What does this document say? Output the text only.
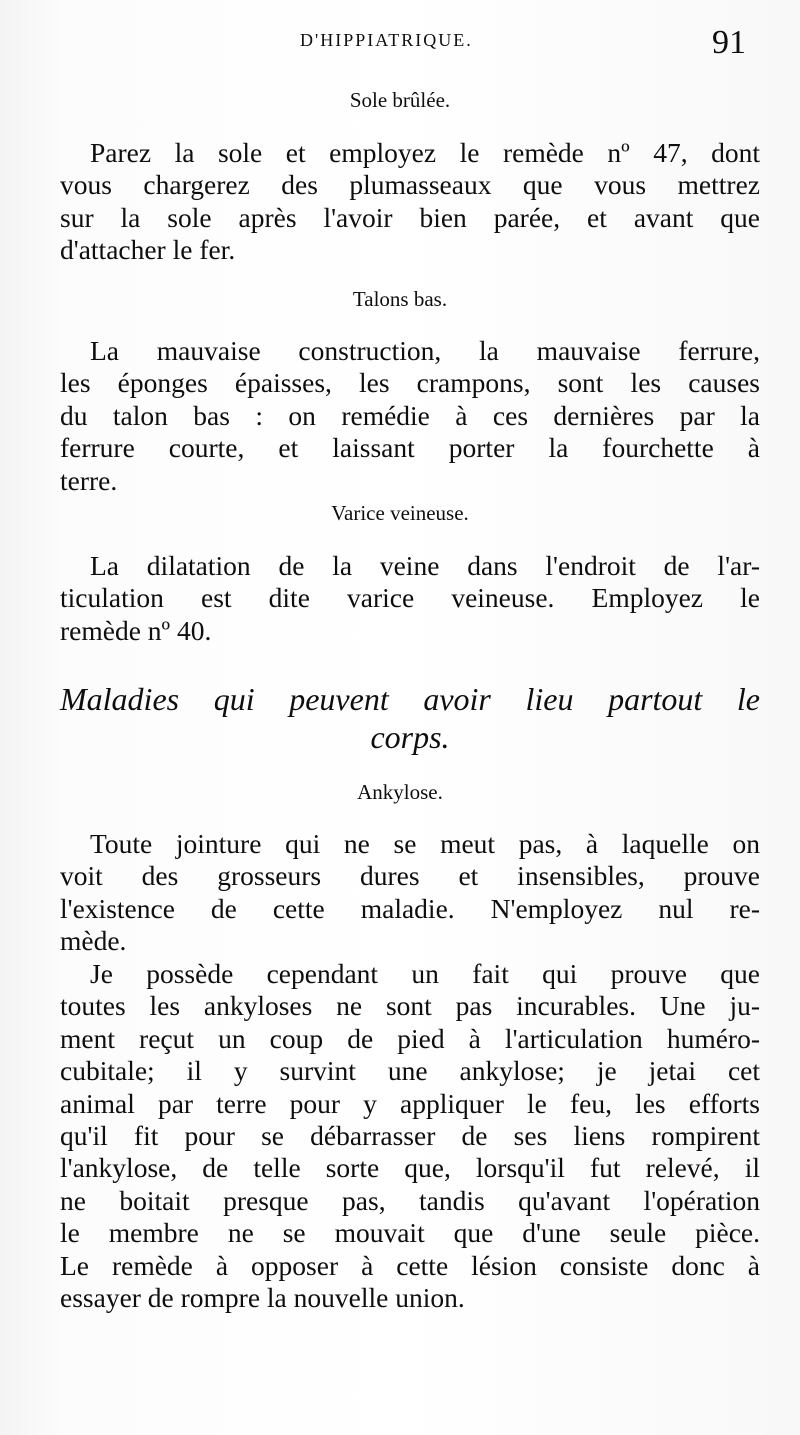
D'HIPPIATRIQUE.	91
Sole brûlée.
Parez la sole et employez le remède nº 47, dont
vous chargerez des plumasseaux que vous mettrez
sur la sole après l'avoir bien parée, et avant que
d'attacher le fer.
Talons bas.
La mauvaise construction, la mauvaise ferrure,
les éponges épaisses, les crampons, sont les causes
du talon bas : on remédie à ces dernières par la
ferrure courte, et laissant porter la fourchette à
terre.
Varice veineuse.
La dilatation de la veine dans l'endroit de l'ar-
ticulation est dite varice veineuse. Employez le
remède nº 40.
Maladies qui peuvent avoir lieu partout le
corps.
Ankylose.
Toute jointure qui ne se meut pas, à laquelle on
voit des grosseurs dures et insensibles, prouve
l'existence de cette maladie. N'employez nul re-
mède.
Je possède cependant un fait qui prouve que
toutes les ankyloses ne sont pas incurables. Une ju-
ment reçut un coup de pied à l'articulation huméro-
cubitale; il y survint une ankylose; je jetai cet
animal par terre pour y appliquer le feu, les efforts
qu'il fit pour se débarrasser de ses liens rompirent
l'ankylose, de telle sorte que, lorsqu'il fut relevé, il
ne boitait presque pas, tandis qu'avant l'opération
le membre ne se mouvait que d'une seule pièce.
Le remède à opposer à cette lésion consiste donc à
essayer de rompre la nouvelle union.
